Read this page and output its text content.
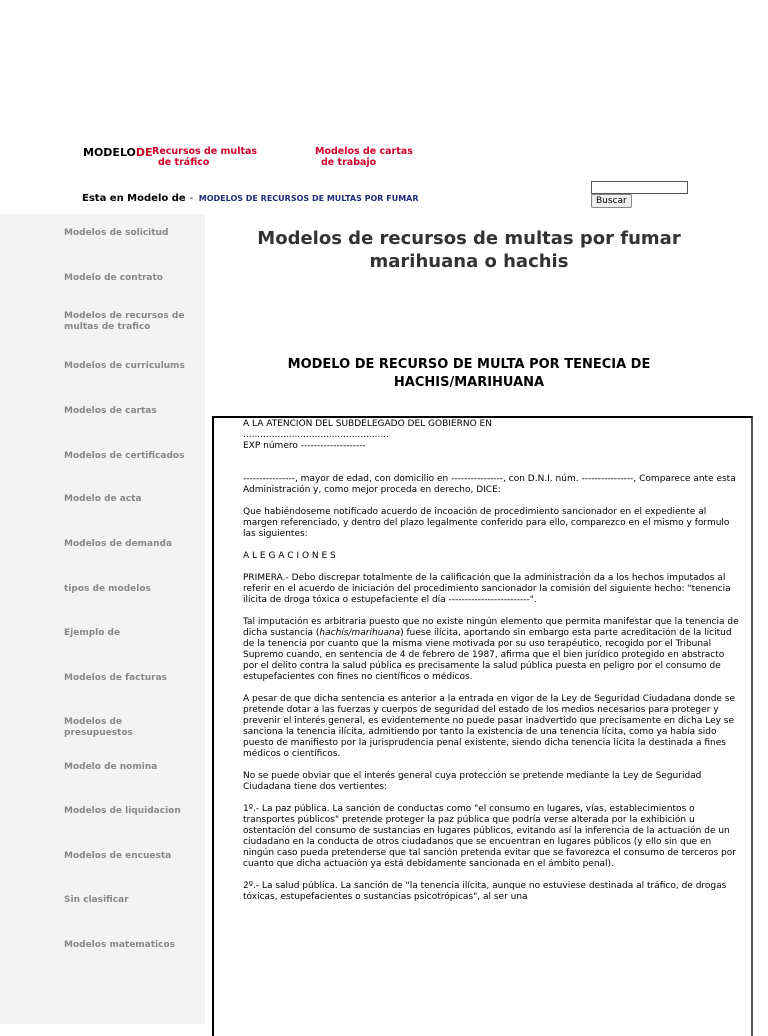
MODELODE Recursos de multas
de tráfico
Modelos de cartas
de trabajo
Esta en Modelo de - MODELOS DE RECURSOS DE MULTAS POR FUMAR	Buscar
Modelos de solicitud
Modelo de contrato
Modelos de recursos de multas de trafico
Modelos de curriculums
Modelos de cartas
Modelos de certificados
Modelo de acta
Modelos de demanda
tipos de modelos
Ejemplo de
Modelos de facturas
Modelos de presupuestos
Modelo de nomina
Modelos de liquidacion
Modelos de encuesta
Sin clasificar
Modelos matematicos
Modelos de recursos de multas por fumar marihuana o hachis
MODELO DE RECURSO DE MULTA POR TENECIA DE HACHIS/MARIHUANA

A LA ATENCION DEL SUBDELEGADO DEL GOBIERNO EN

...................................................

EXP número --------------------

----------------, mayor de edad, con domicilio en ----------------, con D.N.I. núm. ----------------, Comparece ante esta Administración y, como mejor proceda en derecho, DICE:

Que habiéndoseme notificado acuerdo de incoación de procedimiento sancionador en el expediente al margen referenciado, y dentro del plazo legalmente conferido para ello, comparezco en el mismo y formulo las siguientes:

A L E G A C I O N E S

PRIMERA.- Debo discrepar totalmente de la calificación que la administración da a los hechos imputados al referir en el acuerdo de iniciación del procedimiento sancionador la comisión del siguiente hecho: "tenencia ilícita de droga tóxica o estupefaciente el día -------------------------".

Tal imputación es arbitraria puesto que no existe ningún elemento que permita manifestar que la tenencia de dicha sustancia (hachís/marihuana) fuese ilícita, aportando sin embargo esta parte acreditación de la licitud de la tenencia por cuanto que la misma viene motivada por su uso terapéutico, recogido por el Tribunal Supremo cuando, en sentencia de 4 de febrero de 1987, afirma que el bien jurídico protegido en abstracto por el delito contra la salud pública es precisamente la salud pública puesta en peligro por el consumo de estupefacientes con fines no científicos o médicos.

A pesar de que dicha sentencia es anterior a la entrada en vigor de la Ley de Seguridad Ciudadana donde se pretende dotar a las fuerzas y cuerpos de seguridad del estado de los medios necesarios para proteger y prevenir el interés general, es evidentemente no puede pasar inadvertido que precisamente en dicha Ley se sanciona la tenencia ilícita, admitiendo por tanto la existencia de una tenencia lícita, como ya había sido puesto de manifiesto por la jurisprudencia penal existente, siendo dicha tenencia lícita la destinada a fines médicos o científicos.

No se puede obviar que el interés general cuya protección se pretende mediante la Ley de Seguridad Ciudadana tiene dos vertientes:

1º.- La paz pública. La sanción de conductas como "el consumo en lugares, vías, establecimientos o transportes públicos" pretende proteger la paz pública que podría verse alterada por la exhibición u ostentación del consumo de sustancias en lugares públicos, evitando así la inferencia de la actuación de un ciudadano en la conducta de otros ciudadanos que se encuentran en lugares públicos (y ello sin que en ningún caso pueda pretenderse que tal sanción pretenda evitar que se favorezca el consumo de terceros por cuanto que dicha actuación ya está debidamente sancionada en el ámbito penal).

2º.- La salud pública. La sanción de "la tenencia ilícita, aunque no estuviese destinada al tráfico, de drogas tóxicas, estupefacientes o sustancias psicotrópicas", al ser una
